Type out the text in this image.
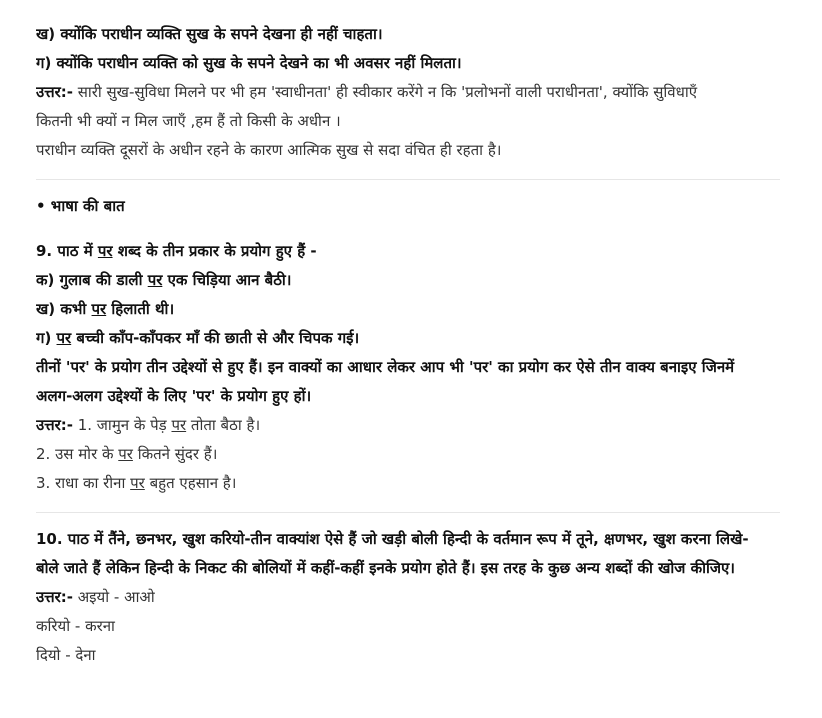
ख) क्योंकि पराधीन व्यक्ति सुख के सपने देखना ही नहीं चाहता।
ग) क्योंकि पराधीन व्यक्ति को सुख के सपने देखने का भी अवसर नहीं मिलता।
उत्तर:- सारी सुख-सुविधा मिलने पर भी हम 'स्वाधीनता' ही स्वीकार करेंगे न कि 'प्रलोभनों वाली पराधीनता', क्योंकि सुविधाएँ
कितनी भी क्यों न मिल जाएँ ,हम हैं तो किसी के अधीन ।
पराधीन व्यक्ति दूसरों के अधीन रहने के कारण आत्मिक सुख से सदा वंचित ही रहता है।
• भाषा की बात
9. पाठ में पर शब्द के तीन प्रकार के प्रयोग हुए हैं -
क) गुलाब की डाली पर एक चिड़िया आन बैठी।
ख) कभी पर हिलाती थी।
ग) पर बच्ची काँप-काँपकर माँ की छाती से और चिपक गई।
तीनों 'पर' के प्रयोग तीन उद्देश्यों से हुए हैं। इन वाक्यों का आधार लेकर आप भी 'पर' का प्रयोग कर ऐसे तीन वाक्य बनाइए जिनमें
अलग-अलग उद्देश्यों के लिए 'पर' के प्रयोग हुए हों।
उत्तर:- 1. जामुन के पेड़ पर तोता बैठा है।
2. उस मोर के पर कितने सुंदर हैं।
3. राधा का रीना पर बहुत एहसान है।
10. पाठ में तैंने, छनभर, खुश करियो-तीन वाक्यांश ऐसे हैं जो खड़ी बोली हिन्दी के वर्तमान रूप में तूने, क्षणभर, खुश करना लिखे-
बोले जाते हैं लेकिन हिन्दी के निकट की बोलियों में कहीं-कहीं इनके प्रयोग होते हैं। इस तरह के कुछ अन्य शब्दों की खोज कीजिए।
उत्तर:- अइयो - आओ
करियो - करना
दियो - देना
